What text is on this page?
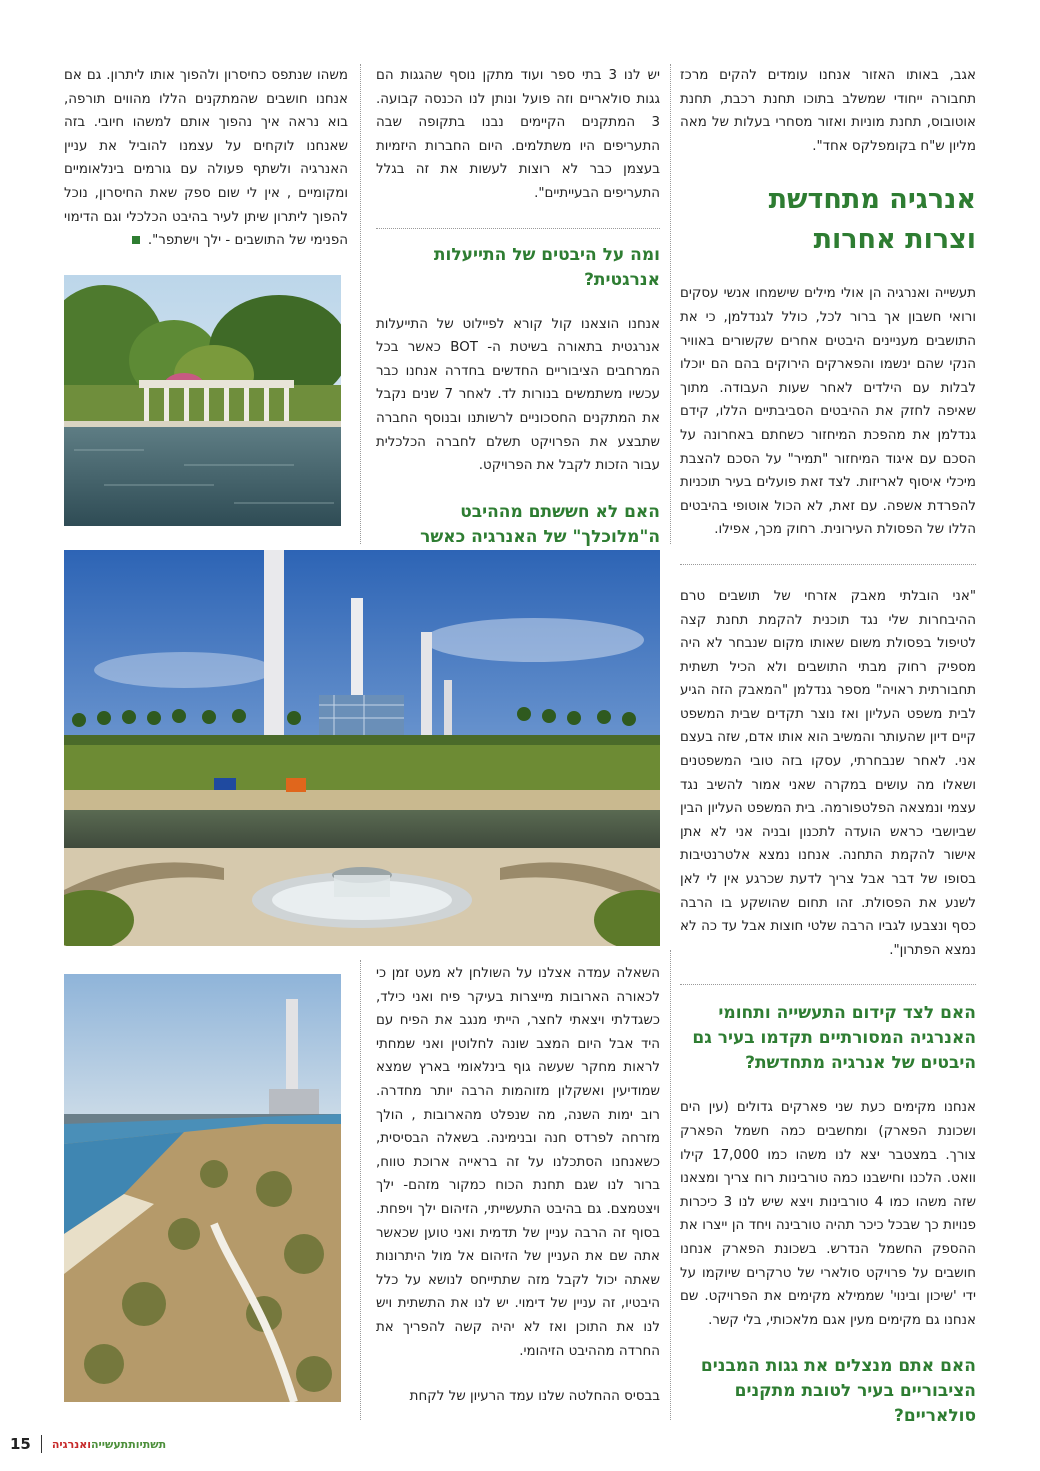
אגב, באותו האזור אנחנו עומדים להקים מרכז תחבורה ייחודי שמשלב בתוכו תחנת רכבת, תחנת אוטובוס, תחנת מוניות ואזור מסחרי בעלות של מאה מליון ש"ח בקומפלקס אחד".

אנרגיה מתחדשת
וצרות אחרות

תעשייה ואנרגיה הן אולי מילים שישמחו אנשי עסקים ורואי חשבון אך ברור לכל, כולל לגנדלמן, כי את התושבים מעניינים היבטים אחרים שקשורים באוויר הנקי שהם ינשמו והפארקים הירוקים בהם הם יוכלו לבלות עם הילדים לאחר שעות העבודה. מתוך שאיפה לחזק את ההיבטים הסביבתיים הללו, קידם גנדלמן את מהפכת המיחזור כשחתם באחרונה על הסכם עם איגוד המיחזור "תמיר" על הסכם להצבת מיכלי איסוף לאריזות. לצד זאת פועלים בעיר תוכניות להפרדת אשפה. עם זאת, לא הכול אוטופי בהיבטים הללו של הפסולת העירונית. רחוק מכך, אפילו.

"אני הובלתי מאבק אזרחי של תושבים טרם ההיבחרות שלי נגד תוכנית להקמת תחנת קצה לטיפול בפסולת משום שאותו מקום שנבחר לא היה מספיק רחוק מבתי התושבים ולא הכיל תשתית תחבורתית ראויה" מספר גנדלמן "המאבק הזה הגיע לבית משפט העליון ואז נוצר תקדים שבית המשפט קיים דיון שהעותר והמשיב הוא אותו אדם, שזה בעצם אני. לאחר שנבחרתי, עסקו בזה טובי המשפטנים ושאלו מה עושים במקרה שאני אמור להשיב נגד עצמי ונמצאה הפלטפורמה. בית המשפט העליון הבין שביושבי כראש הועדה לתכנון ובניה אני לא אתן אישור להקמת התחנה. אנחנו נמצא אלטרנטיבות בסופו של דבר אבל צריך לדעת שכרגע אין לי לאן לשנע את הפסולת. זהו תחום שהושקע בו הרבה כסף ונצבעו לגביו הרבה שלטי חוצות אבל עד כה לא נמצא הפתרון".

האם לצד קידום התעשייה ותחומי האנרגיה המסורתיים תקדמו בעיר גם היבטים של אנרגיה מתחדשת?

אנחנו מקימים כעת שני פארקים גדולים (עין הים ושכונת הפארק) ומחשבים כמה חשמל הפארק צורך. במצטבר יצא לנו משהו כמו 17,000 קילו וואט. הלכנו וחישבנו כמה טורבינות רוח צריך ומצאנו שזה משהו כמו 4 טורבינות ויצא שיש לנו 3 כיכרות פנויות כך שבכל כיכר תהיה טורבינה ויחד הן ייצרו את ההספק החשמל הנדרש. בשכונת הפארק אנחנו חושבים על פרויקט סולארי של טרקרים שיוקמו על ידי 'שיכון ובינוי' שממילא מקימים את הפרויקט. שם אנחנו גם מקימים מעין אגם מלאכותי, בלי קשר.

האם אתם מנצלים את גגות המבנים הציבוריים בעיר לטובת מתקנים סולאריים?

יש לנו 3 בתי ספר ועוד מתקן נוסף שהגגות הם גגות סולאריים וזה פועל ונותן לנו הכנסה קבועה. 3 המתקנים הקיימים נבנו בתקופה שבה התעריפים היו משתלמים. היום החברות היזמיות בעצמן כבר לא רוצות לעשות את זה בגלל התעריפים הבעייתיים".

ומה על היבטים של התייעלות אנרגטית?

אנחנו הוצאנו קול קורא לפיילוט של התייעלות אנרגטית בתאורה בשיטת ה- BOT כאשר בכל המרחבים הציבוריים החדשים בחדרה אנחנו כבר עכשיו משתמשים בנורות לד. לאחר 7 שנים נקבל את המתקנים החסכוניים לרשותנו ובנוסף החברה שתבצע את הפרויקט תשלם לחברה הכלכלית עבור הזכות לקבל את הפרויקט.

האם לא חששתם מההיבט ה"מלוכלך" של האנרגיה כאשר

משהו שנתפס כחיסרון ולהפוך אותו ליתרון. גם אם אנחנו חושבים שהמתקנים הללו מהווים תורפה, בוא נראה איך נהפוך אותם למשהו חיובי. בזה שאנחנו לוקחים על עצמנו להוביל את עניין האנרגיה ולשתף פעולה עם גורמים בינלאומיים ומקומיים , אין לי שום ספק שאת החיסרון, נוכל להפוך ליתרון שיתן לעיר בהיבט הכלכלי וגם הדימוי הפנימי של התושבים - ילך וישתפר".

השאלה עמדה אצלנו על השולחן לא מעט זמן כי לכאורה הארובות מייצרות בעיקר פיח ואני כילד, כשגדלתי ויצאתי לחצר, הייתי מנגב את הפיח עם היד אבל היום המצב שונה לחלוטין ואני שמחתי לראות מחקר שעשה גוף בינלאומי בארץ שמצא שמודיעין ואשקלון מזוהמות הרבה יותר מחדרה. רוב ימות השנה, מה שנפלט מהארובות , הולך מזרחה לפרדס חנה ובנימינה. בשאלה הבסיסית, כשאנחנו הסתכלנו על זה בראייה ארוכת טווח, ברור לנו שגם תחנת הכוח כמקור מזהם- ילך ויצטמצם. גם בהיבט התעשייתי, הזיהום ילך ויפחת. בסוף זה הרבה עניין של תדמית ואני טוען שכאשר אתה שם את העניין של הזיהום אל מול היתרונות שאתה יכול לקבל מזה שתתייחס לנושא על כלל היבטיו, זה עניין של דימוי. יש לנו את התשתית ויש לנו את התוכן ואז לא יהיה קשה להפריך את החרדה מההיבט הזיהומי.

בבסיס ההחלטה שלנו עמד הרעיון של לקחת

15	תשתיותתעשייהואנרגיה
